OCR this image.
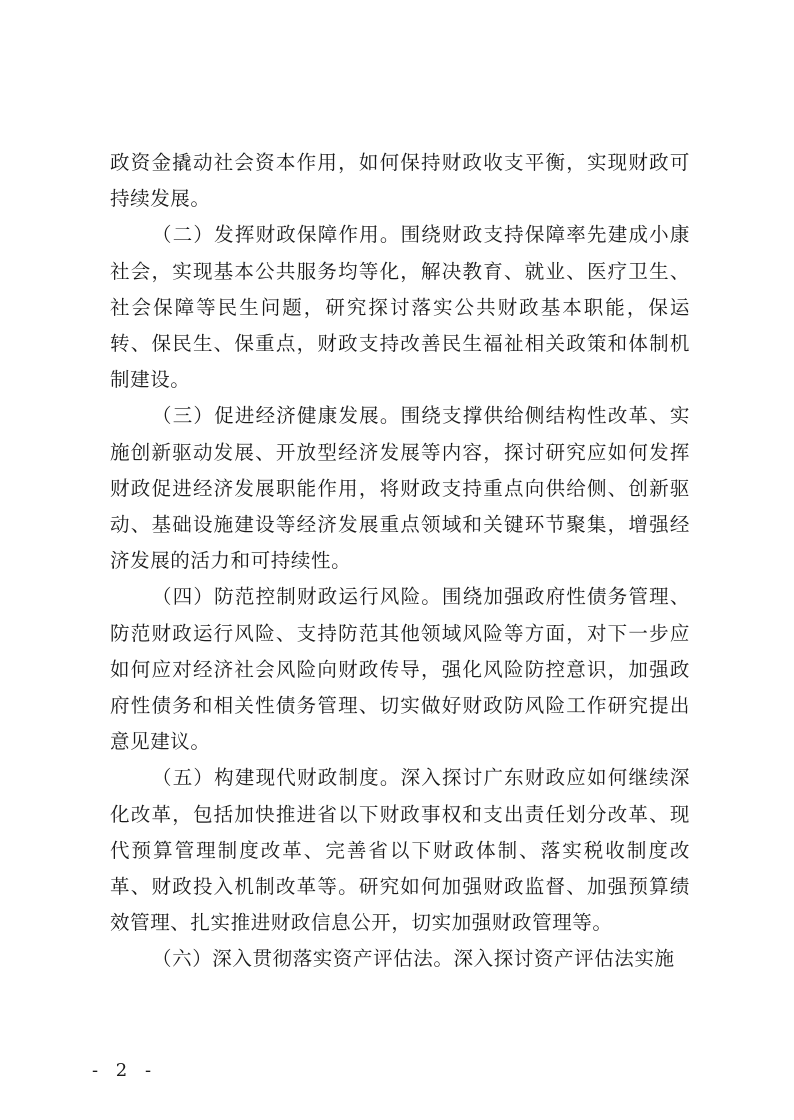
政资金撬动社会资本作用，如何保持财政收支平衡，实现财政可持续发展。

（二）发挥财政保障作用。围绕财政支持保障率先建成小康社会，实现基本公共服务均等化，解决教育、就业、医疗卫生、社会保障等民生问题，研究探讨落实公共财政基本职能，保运转、保民生、保重点，财政支持改善民生福祉相关政策和体制机制建设。

（三）促进经济健康发展。围绕支撑供给侧结构性改革、实施创新驱动发展、开放型经济发展等内容，探讨研究应如何发挥财政促进经济发展职能作用，将财政支持重点向供给侧、创新驱动、基础设施建设等经济发展重点领域和关键环节聚集，增强经济发展的活力和可持续性。

（四）防范控制财政运行风险。围绕加强政府性债务管理、防范财政运行风险、支持防范其他领域风险等方面，对下一步应如何应对经济社会风险向财政传导，强化风险防控意识，加强政府性债务和相关性债务管理、切实做好财政防风险工作研究提出意见建议。

（五）构建现代财政制度。深入探讨广东财政应如何继续深化改革，包括加快推进省以下财政事权和支出责任划分改革、现代预算管理制度改革、完善省以下财政体制、落实税收制度改革、财政投入机制改革等。研究如何加强财政监督、加强预算绩效管理、扎实推进财政信息公开，切实加强财政管理等。

（六）深入贯彻落实资产评估法。深入探讨资产评估法实施

- 2 -
